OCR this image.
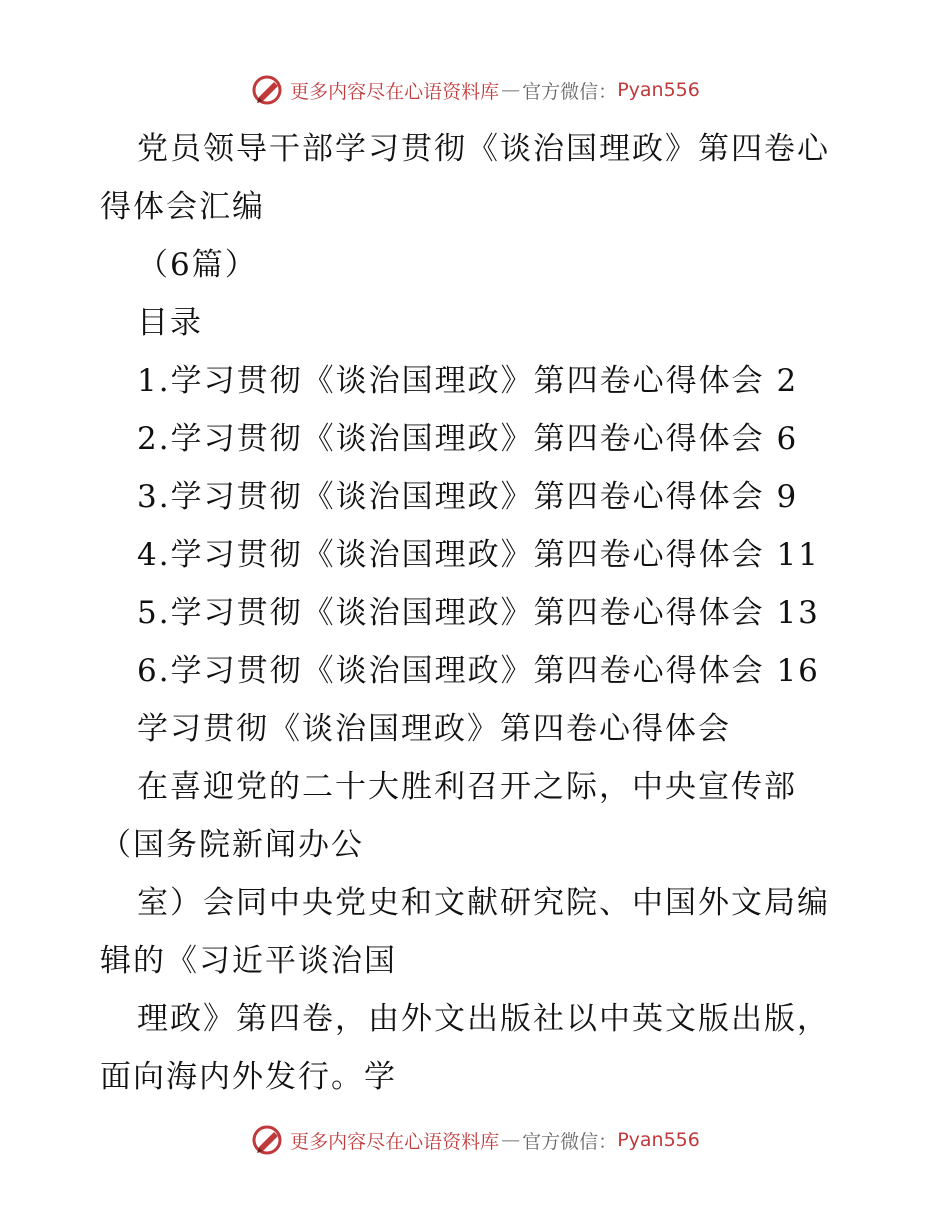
更多内容尽在心语资料库 — 官方微信： Pyan556
党员领导干部学习贯彻《谈治国理政》第四卷心
得体会汇编
（6篇）
目录
1.学习贯彻《谈治国理政》第四卷心得体会 2
2.学习贯彻《谈治国理政》第四卷心得体会 6
3.学习贯彻《谈治国理政》第四卷心得体会 9
4.学习贯彻《谈治国理政》第四卷心得体会 11
5.学习贯彻《谈治国理政》第四卷心得体会 13
6.学习贯彻《谈治国理政》第四卷心得体会 16
学习贯彻《谈治国理政》第四卷心得体会
在喜迎党的二十大胜利召开之际，中央宣传部
（国务院新闻办公
室）会同中央党史和文献研究院、中国外文局编
辑的《习近平谈治国
理政》第四卷，由外文出版社以中英文版出版，
面向海内外发行。学
更多内容尽在心语资料库 — 官方微信： Pyan556
